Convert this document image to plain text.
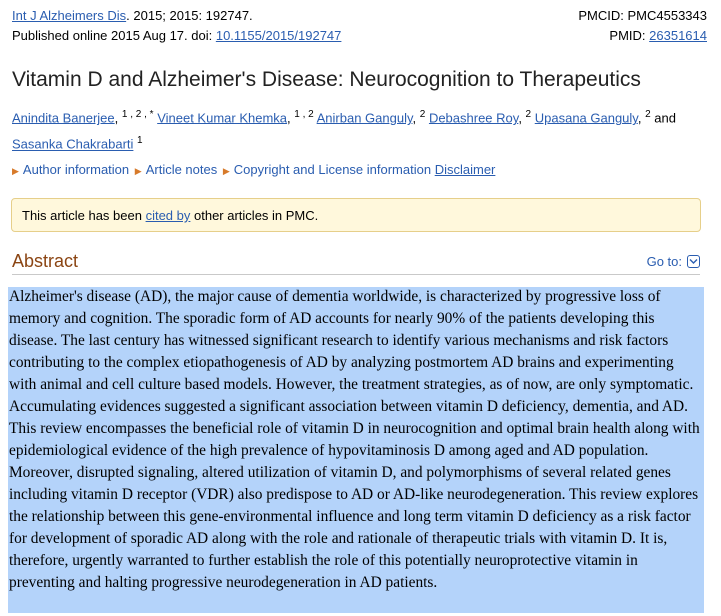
Int J Alzheimers Dis. 2015; 2015: 192747.	PMCID: PMC4553343
Published online 2015 Aug 17. doi: 10.1155/2015/192747	PMID: 26351614
Vitamin D and Alzheimer's Disease: Neurocognition to Therapeutics
Anindita Banerjee, $^{1 , 2 , *}$ Vineet Kumar Khemka, $^{1 , 2}$ Anirban Ganguly, $^2$ Debashree Roy, $^2$ Upasana Ganguly, $^2$ and
Sasanka Chakrabarti $^1$
▶ Author information ▶ Article notes ▶ Copyright and License information Disclaimer
This article has been cited by other articles in PMC.
Abstract	Go to:

Alzheimer's disease (AD), the major cause of dementia worldwide, is characterized by progressive loss of memory and cognition. The sporadic form of AD accounts for nearly 90% of the patients developing this disease. The last century has witnessed significant research to identify various mechanisms and risk factors contributing to the complex etiopathogenesis of AD by analyzing postmortem AD brains and experimenting with animal and cell culture based models. However, the treatment strategies, as of now, are only symptomatic. Accumulating evidences suggested a significant association between vitamin D deficiency, dementia, and AD. This review encompasses the beneficial role of vitamin D in neurocognition and optimal brain health along with epidemiological evidence of the high prevalence of hypovitaminosis D among aged and AD population. Moreover, disrupted signaling, altered utilization of vitamin D, and polymorphisms of several related genes including vitamin D receptor (VDR) also predispose to AD or AD-like neurodegeneration. This review explores the relationship between this gene-environmental influence and long term vitamin D deficiency as a risk factor for development of sporadic AD along with the role and rationale of therapeutic trials with vitamin D. It is, therefore, urgently warranted to further establish the role of this potentially neuroprotective vitamin in preventing and halting progressive neurodegeneration in AD patients.
